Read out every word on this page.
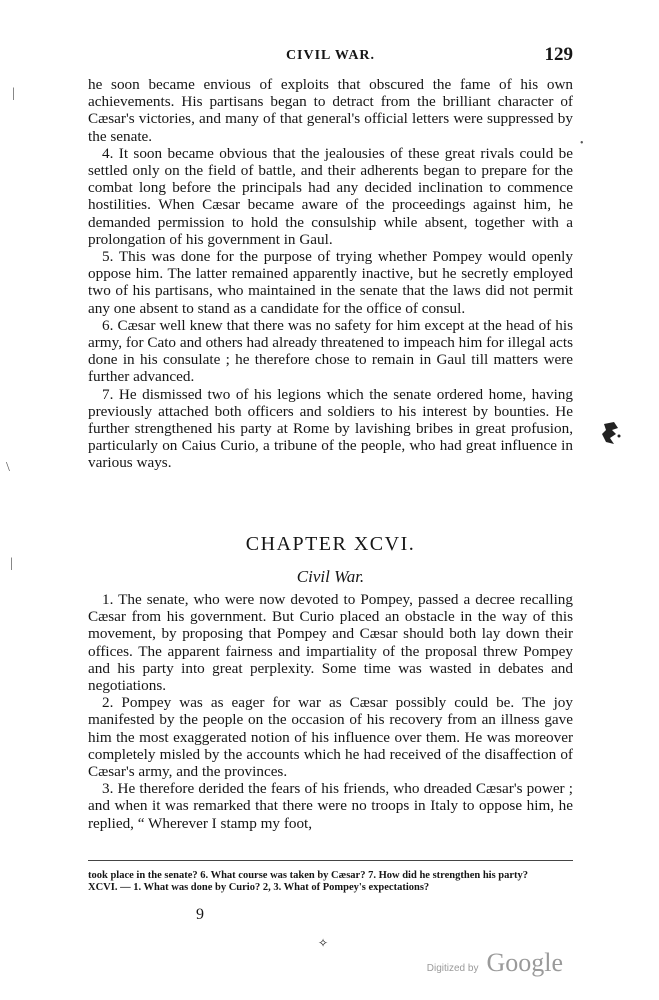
CIVIL WAR.	129
|
\
|
•

he soon became envious of exploits that obscured the fame of his own achievements. His partisans began to detract from the brilliant character of Cæsar's victories, and many of that general's official letters were suppressed by the senate.

4. It soon became obvious that the jealousies of these great rivals could be settled only on the field of battle, and their adherents began to prepare for the combat long before the principals had any decided inclination to commence hostilities. When Cæsar became aware of the proceedings against him, he demanded permission to hold the consulship while absent, together with a prolongation of his government in Gaul.

5. This was done for the purpose of trying whether Pompey would openly oppose him. The latter remained apparently inactive, but he secretly employed two of his partisans, who maintained in the senate that the laws did not permit any one absent to stand as a candidate for the office of consul.

6. Cæsar well knew that there was no safety for him except at the head of his army, for Cato and others had already threatened to impeach him for illegal acts done in his consulate ; he therefore chose to remain in Gaul till matters were further advanced.

7. He dismissed two of his legions which the senate ordered home, having previously attached both officers and soldiers to his interest by bounties. He further strengthened his party at Rome by lavishing bribes in great profusion, particularly on Caius Curio, a tribune of the people, who had great influence in various ways.

CHAPTER XCVI.
Civil War.

1. The senate, who were now devoted to Pompey, passed a decree recalling Cæsar from his government. But Curio placed an obstacle in the way of this movement, by proposing that Pompey and Cæsar should both lay down their offices. The apparent fairness and impartiality of the proposal threw Pompey and his party into great perplexity. Some time was wasted in debates and negotiations.

2. Pompey was as eager for war as Cæsar possibly could be. The joy manifested by the people on the occasion of his recovery from an illness gave him the most exaggerated notion of his influence over them. He was moreover completely misled by the accounts which he had received of the disaffection of Cæsar's army, and the provinces.

3. He therefore derided the fears of his friends, who dreaded Cæsar's power ; and when it was remarked that there were no troops in Italy to oppose him, he replied, “ Wherever I stamp my foot,

took place in the senate? 6. What course was taken by Cæsar? 7. How did he strengthen his party?

XCVI. — 1. What was done by Curio? 2, 3. What of Pompey's expectations?

9
✧
Digitized by Google
